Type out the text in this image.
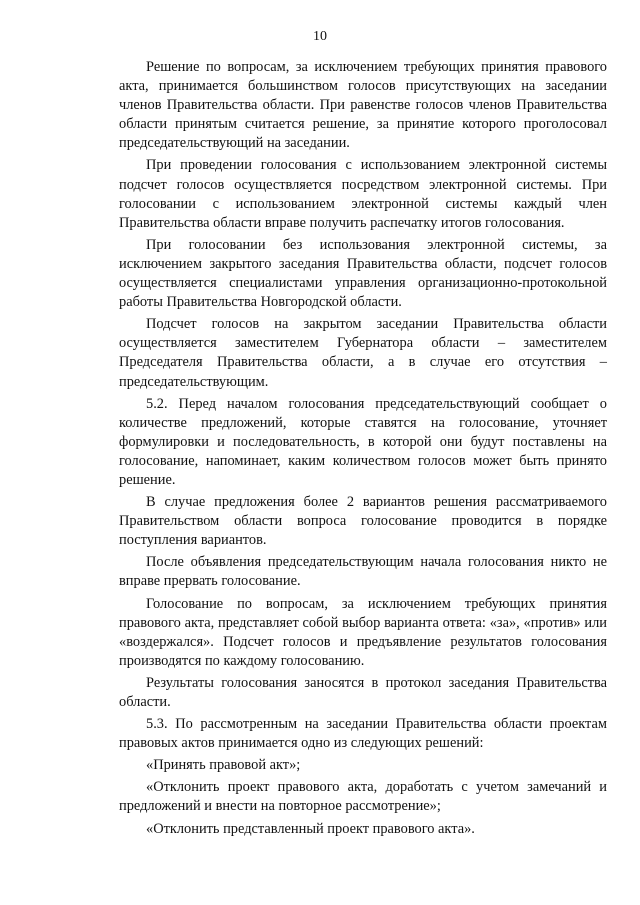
10

Решение по вопросам, за исключением требующих принятия правового акта, принимается большинством голосов присутствующих на заседании членов Правительства области. При равенстве голосов членов Правительства области принятым считается решение, за принятие которого проголосовал председательствующий на заседании.

При проведении голосования с использованием электронной системы подсчет голосов осуществляется посредством электронной системы. При голосовании с использованием электронной системы каждый член Правительства области вправе получить распечатку итогов голосования.

При голосовании без использования электронной системы, за исключением закрытого заседания Правительства области, подсчет голосов осуществляется специалистами управления организационно-протокольной работы Правительства Новгородской области.

Подсчет голосов на закрытом заседании Правительства области осуществляется заместителем Губернатора области – заместителем Председателя Правительства области, а в случае его отсутствия – председательствующим.

5.2. Перед началом голосования председательствующий сообщает о количестве предложений, которые ставятся на голосование, уточняет формулировки и последовательность, в которой они будут поставлены на голосование, напоминает, каким количеством голосов может быть принято решение.

В случае предложения более 2 вариантов решения рассматриваемого Правительством области вопроса голосование проводится в порядке поступления вариантов.

После объявления председательствующим начала голосования никто не вправе прервать голосование.

Голосование по вопросам, за исключением требующих принятия правового акта, представляет собой выбор варианта ответа: «за», «против» или «воздержался». Подсчет голосов и предъявление результатов голосования производятся по каждому голосованию.

Результаты голосования заносятся в протокол заседания Правительства области.

5.3. По рассмотренным на заседании Правительства области проектам правовых актов принимается одно из следующих решений:

«Принять правовой акт»;

«Отклонить проект правового акта, доработать с учетом замечаний и предложений и внести на повторное рассмотрение»;

«Отклонить представленный проект правового акта».
